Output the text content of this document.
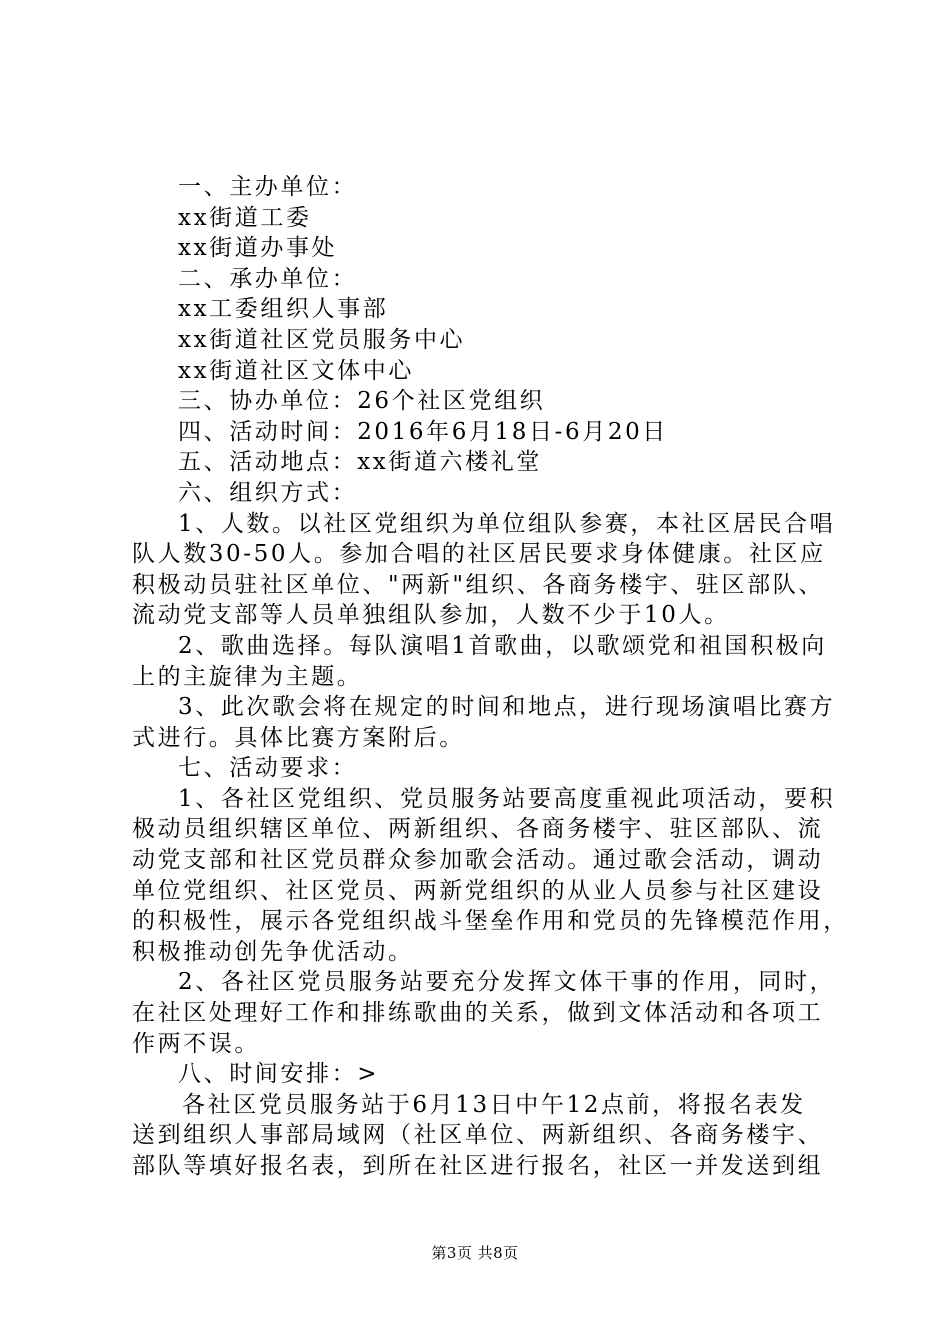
一、主办单位：
xx街道工委
xx街道办事处
二、承办单位：
xx工委组织人事部
xx街道社区党员服务中心
xx街道社区文体中心
三、协办单位：26个社区党组织
四、活动时间：2016年6月18日-6月20日
五、活动地点：xx街道六楼礼堂
六、组织方式：
1、人数。以社区党组织为单位组队参赛，本社区居民合唱
队人数30-50人。参加合唱的社区居民要求身体健康。社区应
积极动员驻社区单位、"两新"组织、各商务楼宇、驻区部队、
流动党支部等人员单独组队参加，人数不少于10人。
2、歌曲选择。每队演唱1首歌曲，以歌颂党和祖国积极向
上的主旋律为主题。
3、此次歌会将在规定的时间和地点，进行现场演唱比赛方
式进行。具体比赛方案附后。
七、活动要求：
1、各社区党组织、党员服务站要高度重视此项活动，要积
极动员组织辖区单位、两新组织、各商务楼宇、驻区部队、流
动党支部和社区党员群众参加歌会活动。通过歌会活动，调动
单位党组织、社区党员、两新党组织的从业人员参与社区建设
的积极性，展示各党组织战斗堡垒作用和党员的先锋模范作用，
积极推动创先争优活动。
2、各社区党员服务站要充分发挥文体干事的作用，同时，
在社区处理好工作和排练歌曲的关系，做到文体活动和各项工
作两不误。
八、时间安排：>
各社区党员服务站于6月13日中午12点前，将报名表发
送到组织人事部局域网（社区单位、两新组织、各商务楼宇、
部队等填好报名表，到所在社区进行报名，社区一并发送到组
第3页 共8页
